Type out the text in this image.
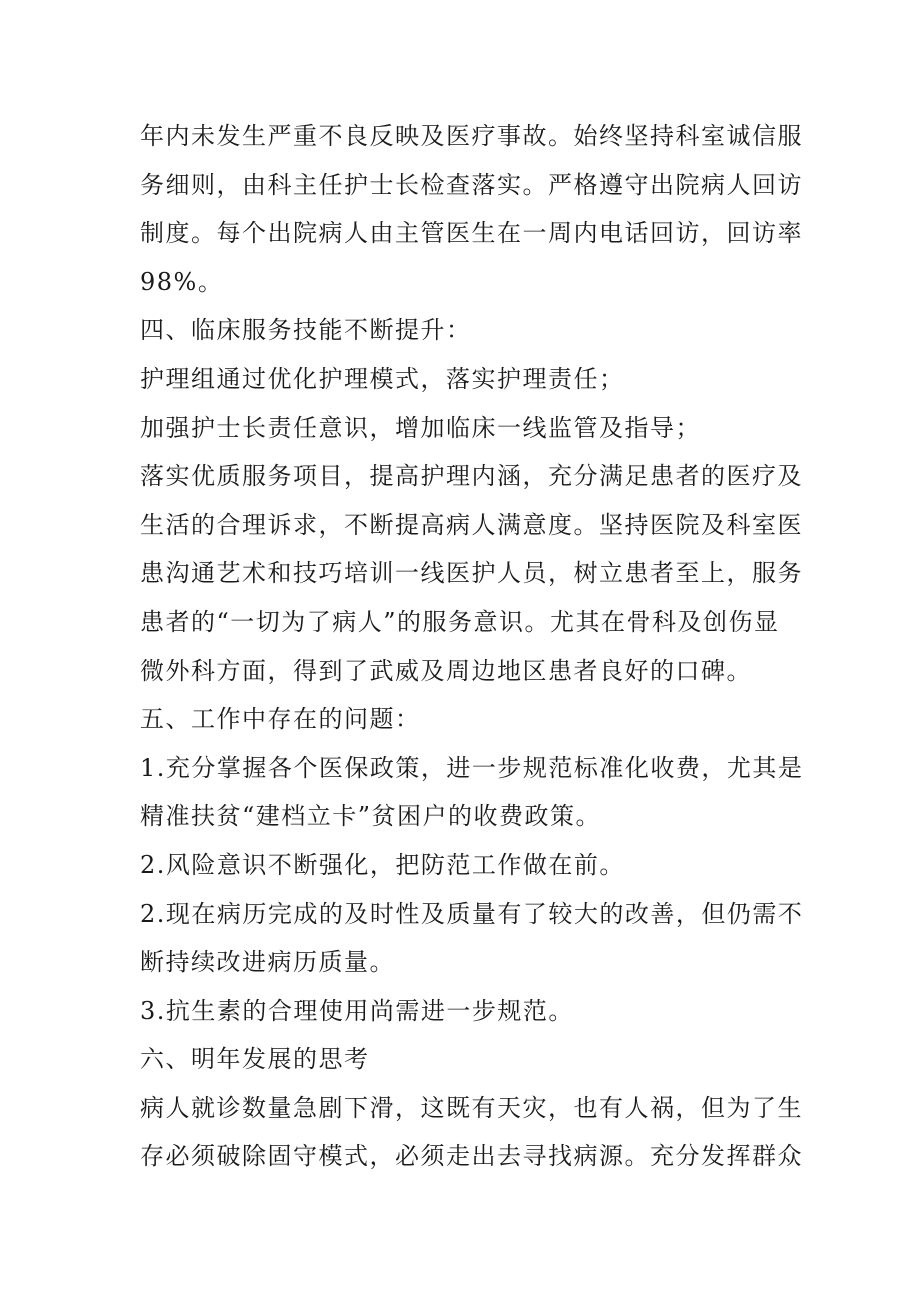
年内未发生严重不良反映及医疗事故。始终坚持科室诚信服
务细则，由科主任护士长检查落实。严格遵守出院病人回访
制度。每个出院病人由主管医生在一周内电话回访，回访率
98%。
四、临床服务技能不断提升：
护理组通过优化护理模式，落实护理责任；
加强护士长责任意识，增加临床一线监管及指导；
落实优质服务项目，提高护理内涵，充分满足患者的医疗及
生活的合理诉求，不断提高病人满意度。坚持医院及科室医
患沟通艺术和技巧培训一线医护人员，树立患者至上，服务
患者的“一切为了病人”的服务意识。尤其在骨科及创伤显
微外科方面，得到了武威及周边地区患者良好的口碑。
五、工作中存在的问题：
1.充分掌握各个医保政策，进一步规范标准化收费，尤其是
精准扶贫“建档立卡”贫困户的收费政策。
2.风险意识不断强化，把防范工作做在前。
2.现在病历完成的及时性及质量有了较大的改善，但仍需不
断持续改进病历质量。
3.抗生素的合理使用尚需进一步规范。
六、明年发展的思考
病人就诊数量急剧下滑，这既有天灾，也有人祸，但为了生
存必须破除固守模式，必须走出去寻找病源。充分发挥群众
